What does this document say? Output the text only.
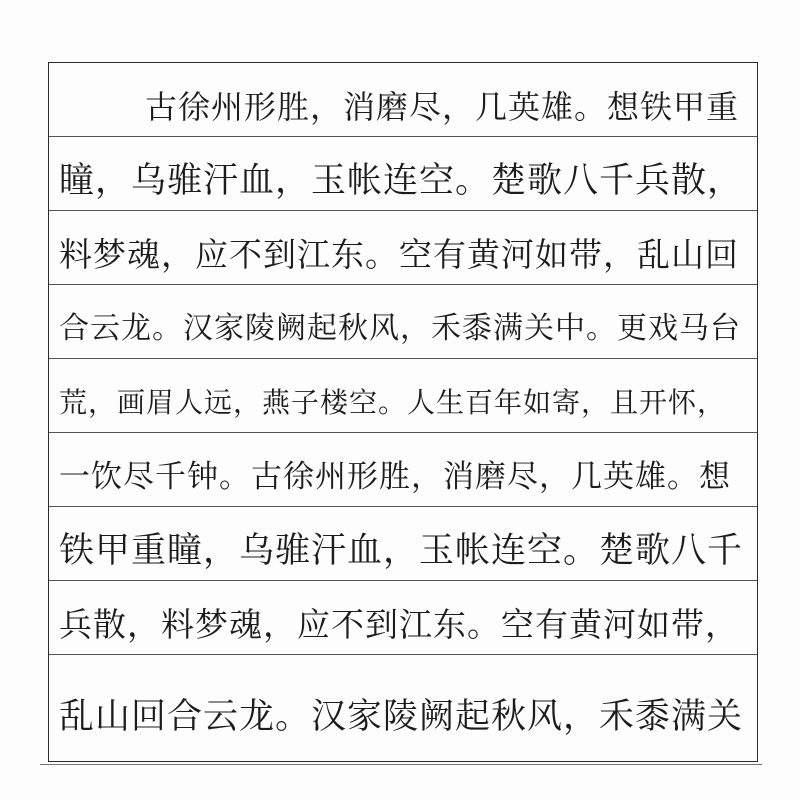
古徐州形胜，消磨尽，几英雄。想铁甲重
瞳，乌骓汗血，玉帐连空。楚歌八千兵散，
料梦魂，应不到江东。空有黄河如带，乱山回
合云龙。汉家陵阙起秋风，禾黍满关中。更戏马台
荒，画眉人远，燕子楼空。人生百年如寄，且开怀，
一饮尽千钟。古徐州形胜，消磨尽，几英雄。想
铁甲重瞳，乌骓汗血，玉帐连空。楚歌八千
兵散，料梦魂，应不到江东。空有黄河如带，
乱山回合云龙。汉家陵阙起秋风，禾黍满关
